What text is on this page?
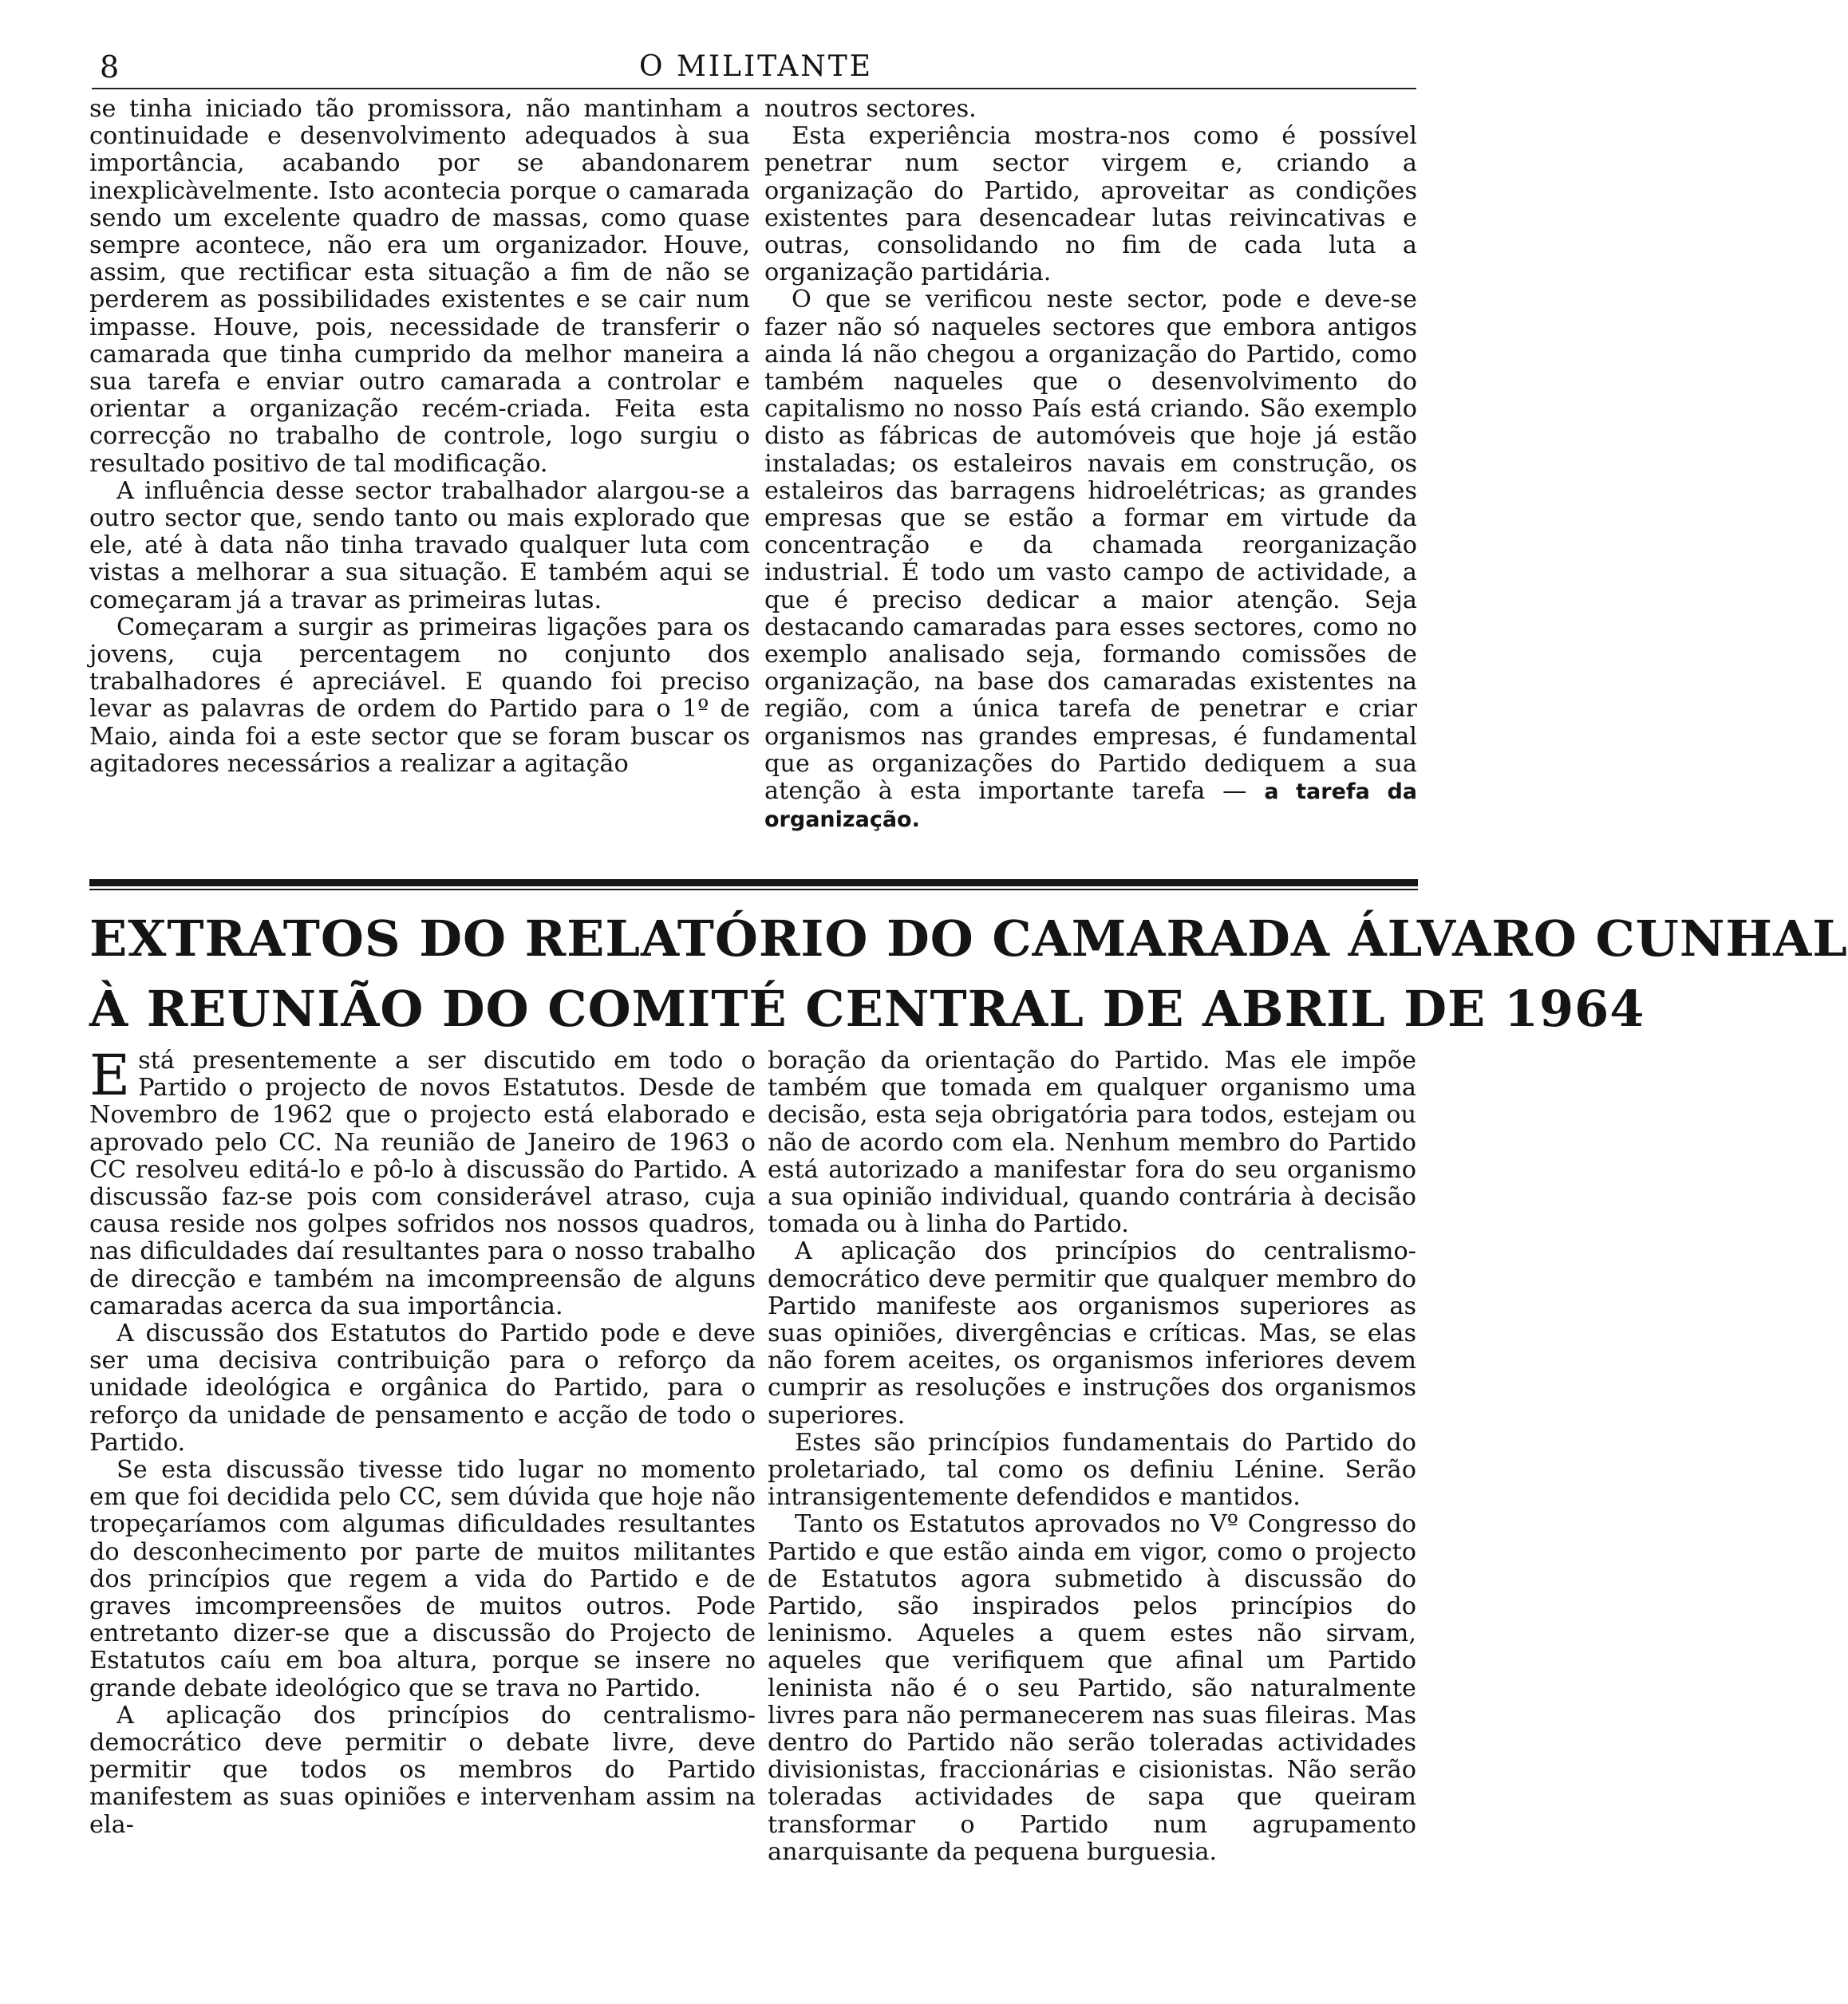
8	O MILITANTE

se tinha iniciado tão promissora, não mantinham a continuidade e desenvolvimento adequados à sua importância, acabando por se abandonarem inexplicàvelmente. Isto acontecia porque o camarada sendo um excelente quadro de massas, como quase sempre acontece, não era um organizador. Houve, assim, que rectificar esta situação a fim de não se perderem as possibilidades existentes e se cair num impasse. Houve, pois, necessidade de transferir o camarada que tinha cumprido da melhor maneira a sua tarefa e enviar outro camarada a controlar e orientar a organização recém-criada. Feita esta correcção no trabalho de controle, logo surgiu o resultado positivo de tal modificação.

A influência desse sector trabalhador alargou-se a outro sector que, sendo tanto ou mais explorado que ele, até à data não tinha travado qualquer luta com vistas a melhorar a sua situação. E também aqui se começaram já a travar as primeiras lutas.

Começaram a surgir as primeiras ligações para os jovens, cuja percentagem no conjunto dos trabalhadores é apreciável. E quando foi preciso levar as palavras de ordem do Partido para o 1º de Maio, ainda foi a este sector que se foram buscar os agitadores necessários a realizar a agitação

noutros sectores.

Esta experiência mostra-nos como é possível penetrar num sector virgem e, criando a organização do Partido, aproveitar as condições existentes para desencadear lutas reivincativas e outras, consolidando no fim de cada luta a organização partidária.

O que se verificou neste sector, pode e deve-se fazer não só naqueles sectores que embora antigos ainda lá não chegou a organização do Partido, como também naqueles que o desenvolvimento do capitalismo no nosso País está criando. São exemplo disto as fábricas de automóveis que hoje já estão instaladas; os estaleiros navais em construção, os estaleiros das barragens hidroelétricas; as grandes empresas que se estão a formar em virtude da concentração e da chamada reorganização industrial. É todo um vasto campo de actividade, a que é preciso dedicar a maior atenção. Seja destacando camaradas para esses sectores, como no exemplo analisado seja, formando comissões de organização, na base dos camaradas existentes na região, com a única tarefa de penetrar e criar organismos nas grandes empresas, é fundamental que as organizações do Partido dediquem a sua atenção à esta importante tarefa — a tarefa da organização.

EXTRATOS DO RELATÓRIO DO CAMARADA ÁLVARO CUNHAL
À REUNIÃO DO COMITÉ CENTRAL DE ABRIL DE 1964

Está presentemente a ser discutido em todo o Partido o projecto de novos Estatutos. Desde de Novembro de 1962 que o projecto está elaborado e aprovado pelo CC. Na reunião de Janeiro de 1963 o CC resolveu editá-lo e pô-lo à discussão do Partido. A discussão faz-se pois com considerável atraso, cuja causa reside nos golpes sofridos nos nossos quadros, nas dificuldades daí resultantes para o nosso trabalho de direcção e também na imcompreensão de alguns camaradas acerca da sua importância.

A discussão dos Estatutos do Partido pode e deve ser uma decisiva contribuição para o reforço da unidade ideológica e orgânica do Partido, para o reforço da unidade de pensamento e acção de todo o Partido.

Se esta discussão tivesse tido lugar no momento em que foi decidida pelo CC, sem dúvida que hoje não tropeçaríamos com algumas dificuldades resultantes do desconhecimento por parte de muitos militantes dos princípios que regem a vida do Partido e de graves imcompreensões de muitos outros. Pode entretanto dizer-se que a discussão do Projecto de Estatutos caíu em boa altura, porque se insere no grande debate ideológico que se trava no Partido.

A aplicação dos princípios do centralismo-democrático deve permitir o debate livre, deve permitir que todos os membros do Partido manifestem as suas opiniões e intervenham assim na ela-

boração da orientação do Partido. Mas ele impõe também que tomada em qualquer organismo uma decisão, esta seja obrigatória para todos, estejam ou não de acordo com ela. Nenhum membro do Partido está autorizado a manifestar fora do seu organismo a sua opinião individual, quando contrária à decisão tomada ou à linha do Partido.

A aplicação dos princípios do centralismo-democrático deve permitir que qualquer membro do Partido manifeste aos organismos superiores as suas opiniões, divergências e críticas. Mas, se elas não forem aceites, os organismos inferiores devem cumprir as resoluções e instruções dos organismos superiores.

Estes são princípios fundamentais do Partido do proletariado, tal como os definiu Lénine. Serão intransigentemente defendidos e mantidos.

Tanto os Estatutos aprovados no Vº Congresso do Partido e que estão ainda em vigor, como o projecto de Estatutos agora submetido à discussão do Partido, são inspirados pelos princípios do leninismo. Aqueles a quem estes não sirvam, aqueles que verifiquem que afinal um Partido leninista não é o seu Partido, são naturalmente livres para não permanecerem nas suas fileiras. Mas dentro do Partido não serão toleradas actividades divisionistas, fraccionárias e cisionistas. Não serão toleradas actividades de sapa que queiram transformar o Partido num agrupamento anarquisante da pequena burguesia.
